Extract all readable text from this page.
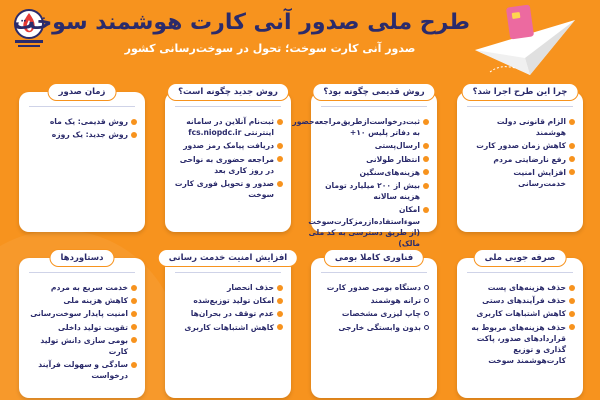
طرح ملی صدور آنی کارت هوشمند سوخت
صدور آنی کارت سوخت؛ تحول در سوخت‌رسانی کشور
چرا این طرح اجرا شد؟
الزام قانونی دولت هوشمند
کاهش زمان صدور کارت
رفع نارضایتی مردم
افزایش امنیت خدمت‌رسانی
روش قدیمی چگونه بود؟
ثبت‌درخواست‌از‌طریق‌مراجعه‌حضور به دفاتر پلیس ۱۰+
ارسال‌پستی
انتظار طولانی
هزینه‌های‌سنگین
بیش از ۲۰۰ میلیارد تومان هزینه سالانه
امکان سوءاستفاده‌از‌رمز‌کارت‌سوخت (از طریق دسترسی به کد ملی مالک)
روش جدید چگونه است؟
ثبت‌نام آنلاین در سامانه اینترنتی fcs.niopdc.ir
دریافت پیامک رمز صدور
مراجعه حضوری به نواحی در روز کاری بعد
صدور و تحویل فوری کارت سوخت
زمان صدور
روش قدیمی: یک ماه
روش جدید: یک روزه
صرفه جویی ملی
حذف هزینه‌های پست
حذف فرآیندهای دستی
کاهش اشتباهات کاربری
حذف هزینه‌های مربوط به قراردادهای صدور، پاکت گذاری و توزیع کارت‌هوشمند سوخت
فناوری کاملا بومی
دستگاه بومی صدور کارت
ترانه هوشمند
چاپ لیزری مشخصات
بدون وابستگی خارجی
افزایش امنیت خدمت رسانی
حذف انحصار
امکان تولید توزیع‌شده
عدم توقف در بحران‌ها
کاهش اشتباهات کاربری
دستاوردها
خدمت سریع به مردم
کاهش هزینه ملی
امنیت پایدار سوخت‌رسانی
تقویت تولید داخلی
بومی سازی دانش تولید کارت
سادگی و سهولت فرآیند درخواست
